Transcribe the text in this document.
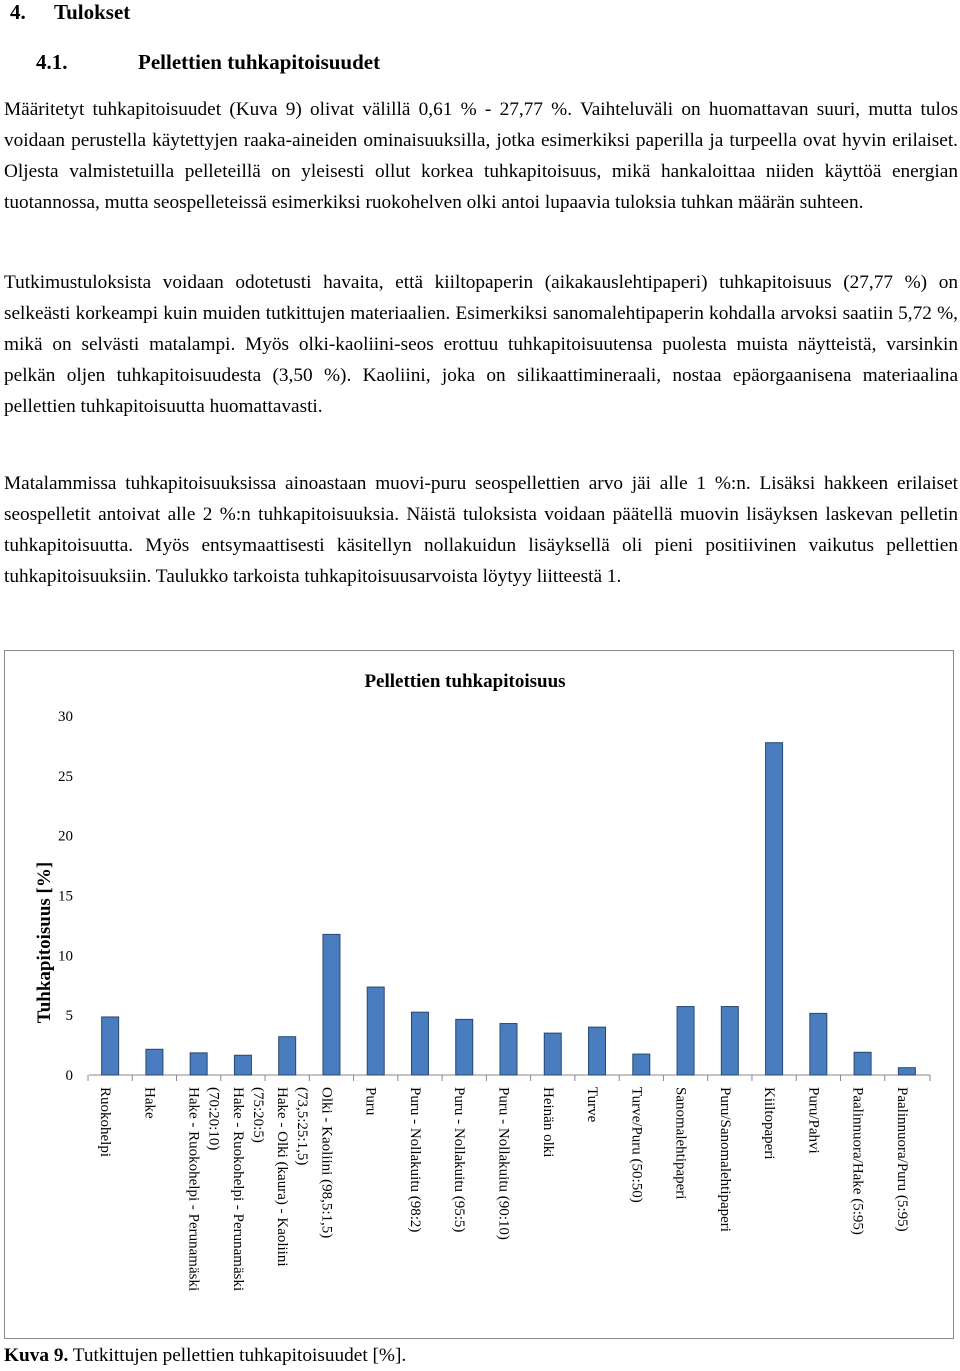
4. Tulokset
4.1.	Pellettien tuhkapitoisuudet

Määritetyt tuhkapitoisuudet (Kuva 9) olivat välillä 0,61 % - 27,77 %. Vaihteluväli on huomattavan suuri, mutta tulos voidaan perustella käytettyjen raaka-aineiden ominaisuuksilla, jotka esimerkiksi paperilla ja turpeella ovat hyvin erilaiset. Oljesta valmistetuilla pelleteillä on yleisesti ollut korkea tuhkapitoisuus, mikä hankaloittaa niiden käyttöä energian tuotannossa, mutta seospelleteissä esimerkiksi ruokohelven olki antoi lupaavia tuloksia tuhkan määrän suhteen.

Tutkimustuloksista voidaan odotetusti havaita, että kiiltopaperin (aikakauslehtipaperi) tuhkapitoisuus (27,77 %) on selkeästi korkeampi kuin muiden tutkittujen materiaalien. Esimerkiksi sanomalehtipaperin kohdalla arvoksi saatiin 5,72 %, mikä on selvästi matalampi. Myös olki-kaoliini-seos erottuu tuhkapitoisuutensa puolesta muista näytteistä, varsinkin pelkän oljen tuhkapitoisuudesta (3,50 %). Kaoliini, joka on silikaattimineraali, nostaa epäorgaanisena materiaalina pellettien tuhkapitoisuutta huomattavasti.

Matalammissa tuhkapitoisuuksissa ainoastaan muovi-puru seospellettien arvo jäi alle 1 %:n. Lisäksi hakkeen erilaiset seospelletit antoivat alle 2 %:n tuhkapitoisuuksia. Näistä tuloksista voidaan päätellä muovin lisäyksen laskevan pelletin tuhkapitoisuutta. Myös entsymaattisesti käsitellyn nollakuidun lisäyksellä oli pieni positiivinen vaikutus pellettien tuhkapitoisuuksiin. Taulukko tarkoista tuhkapitoisuusarvoista löytyy liitteestä 1.

Pellettien tuhkapitoisuus
Tuhkapitoisuus [%]
0
5
10
15
20
25
30
Ruokohelpi Hake Hake - Ruokohelpi - Perunamäski (70:20:10) Hake - Ruokohelpi - Perunamäski (75:20:5) Hake - Olki (kaura) - Kaoliini (73,5:25:1,5) Olki - Kaoliini (98,5:1,5) Puru Puru - Nollakuitu (98:2) Puru - Nollakuitu (95:5) Puru - Nollakuitu (90:10) Heinän olki Turve Turve/Puru (50:50) Sanomalehtipaperi Puru/Sanomalehtipaperi Kiiltopaperi Puru/Pahvi Paalinnuora/Hake (5:95) Paalinnuora/Puru (5:95)
Kuva 9. Tutkittujen pellettien tuhkapitoisuudet [%].
